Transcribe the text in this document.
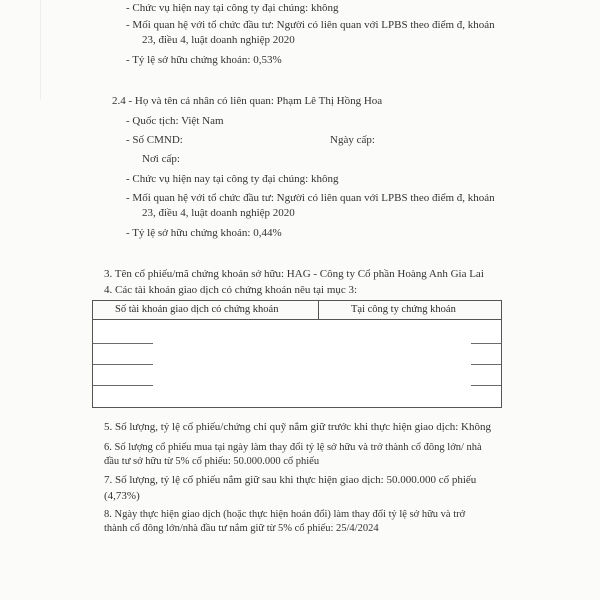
- Chức vụ hiện nay tại công ty đại chúng: không
- Mối quan hệ với tổ chức đầu tư: Người có liên quan với LPBS theo điểm đ, khoản
23, điều 4, luật doanh nghiệp 2020
- Tỷ lệ sở hữu chứng khoán: 0,53%
2.4 - Họ và tên cá nhân có liên quan: Phạm Lê Thị Hồng Hoa
- Quốc tịch: Việt Nam
- Số CMND:	Ngày cấp:
Nơi cấp:
- Chức vụ hiện nay tại công ty đại chúng: không
- Mối quan hệ với tổ chức đầu tư: Người có liên quan với LPBS theo điểm đ, khoản
23, điều 4, luật doanh nghiệp 2020
- Tỷ lệ sở hữu chứng khoán: 0,44%
3. Tên cổ phiếu/mã chứng khoán sở hữu: HAG - Công ty Cổ phần Hoàng Anh Gia Lai
4. Các tài khoản giao dịch có chứng khoán nêu tại mục 3:
Số tài khoản giao dịch có chứng khoán	Tại công ty chứng khoán
5. Số lượng, tỷ lệ cổ phiếu/chứng chỉ quỹ nắm giữ trước khi thực hiện giao dịch: Không
6. Số lượng cổ phiếu mua tại ngày làm thay đổi tỷ lệ sở hữu và trở thành cổ đông lớn/ nhà
đầu tư sở hữu từ 5% cổ phiếu: 50.000.000 cổ phiếu
7. Số lượng, tỷ lệ cổ phiếu nắm giữ sau khi thực hiện giao dịch: 50.000.000 cổ phiếu
(4,73%)
8. Ngày thực hiện giao dịch (hoặc thực hiện hoán đổi) làm thay đổi tỷ lệ sở hữu và trở
thành cổ đông lớn/nhà đầu tư nắm giữ từ 5% cổ phiếu: 25/4/2024
